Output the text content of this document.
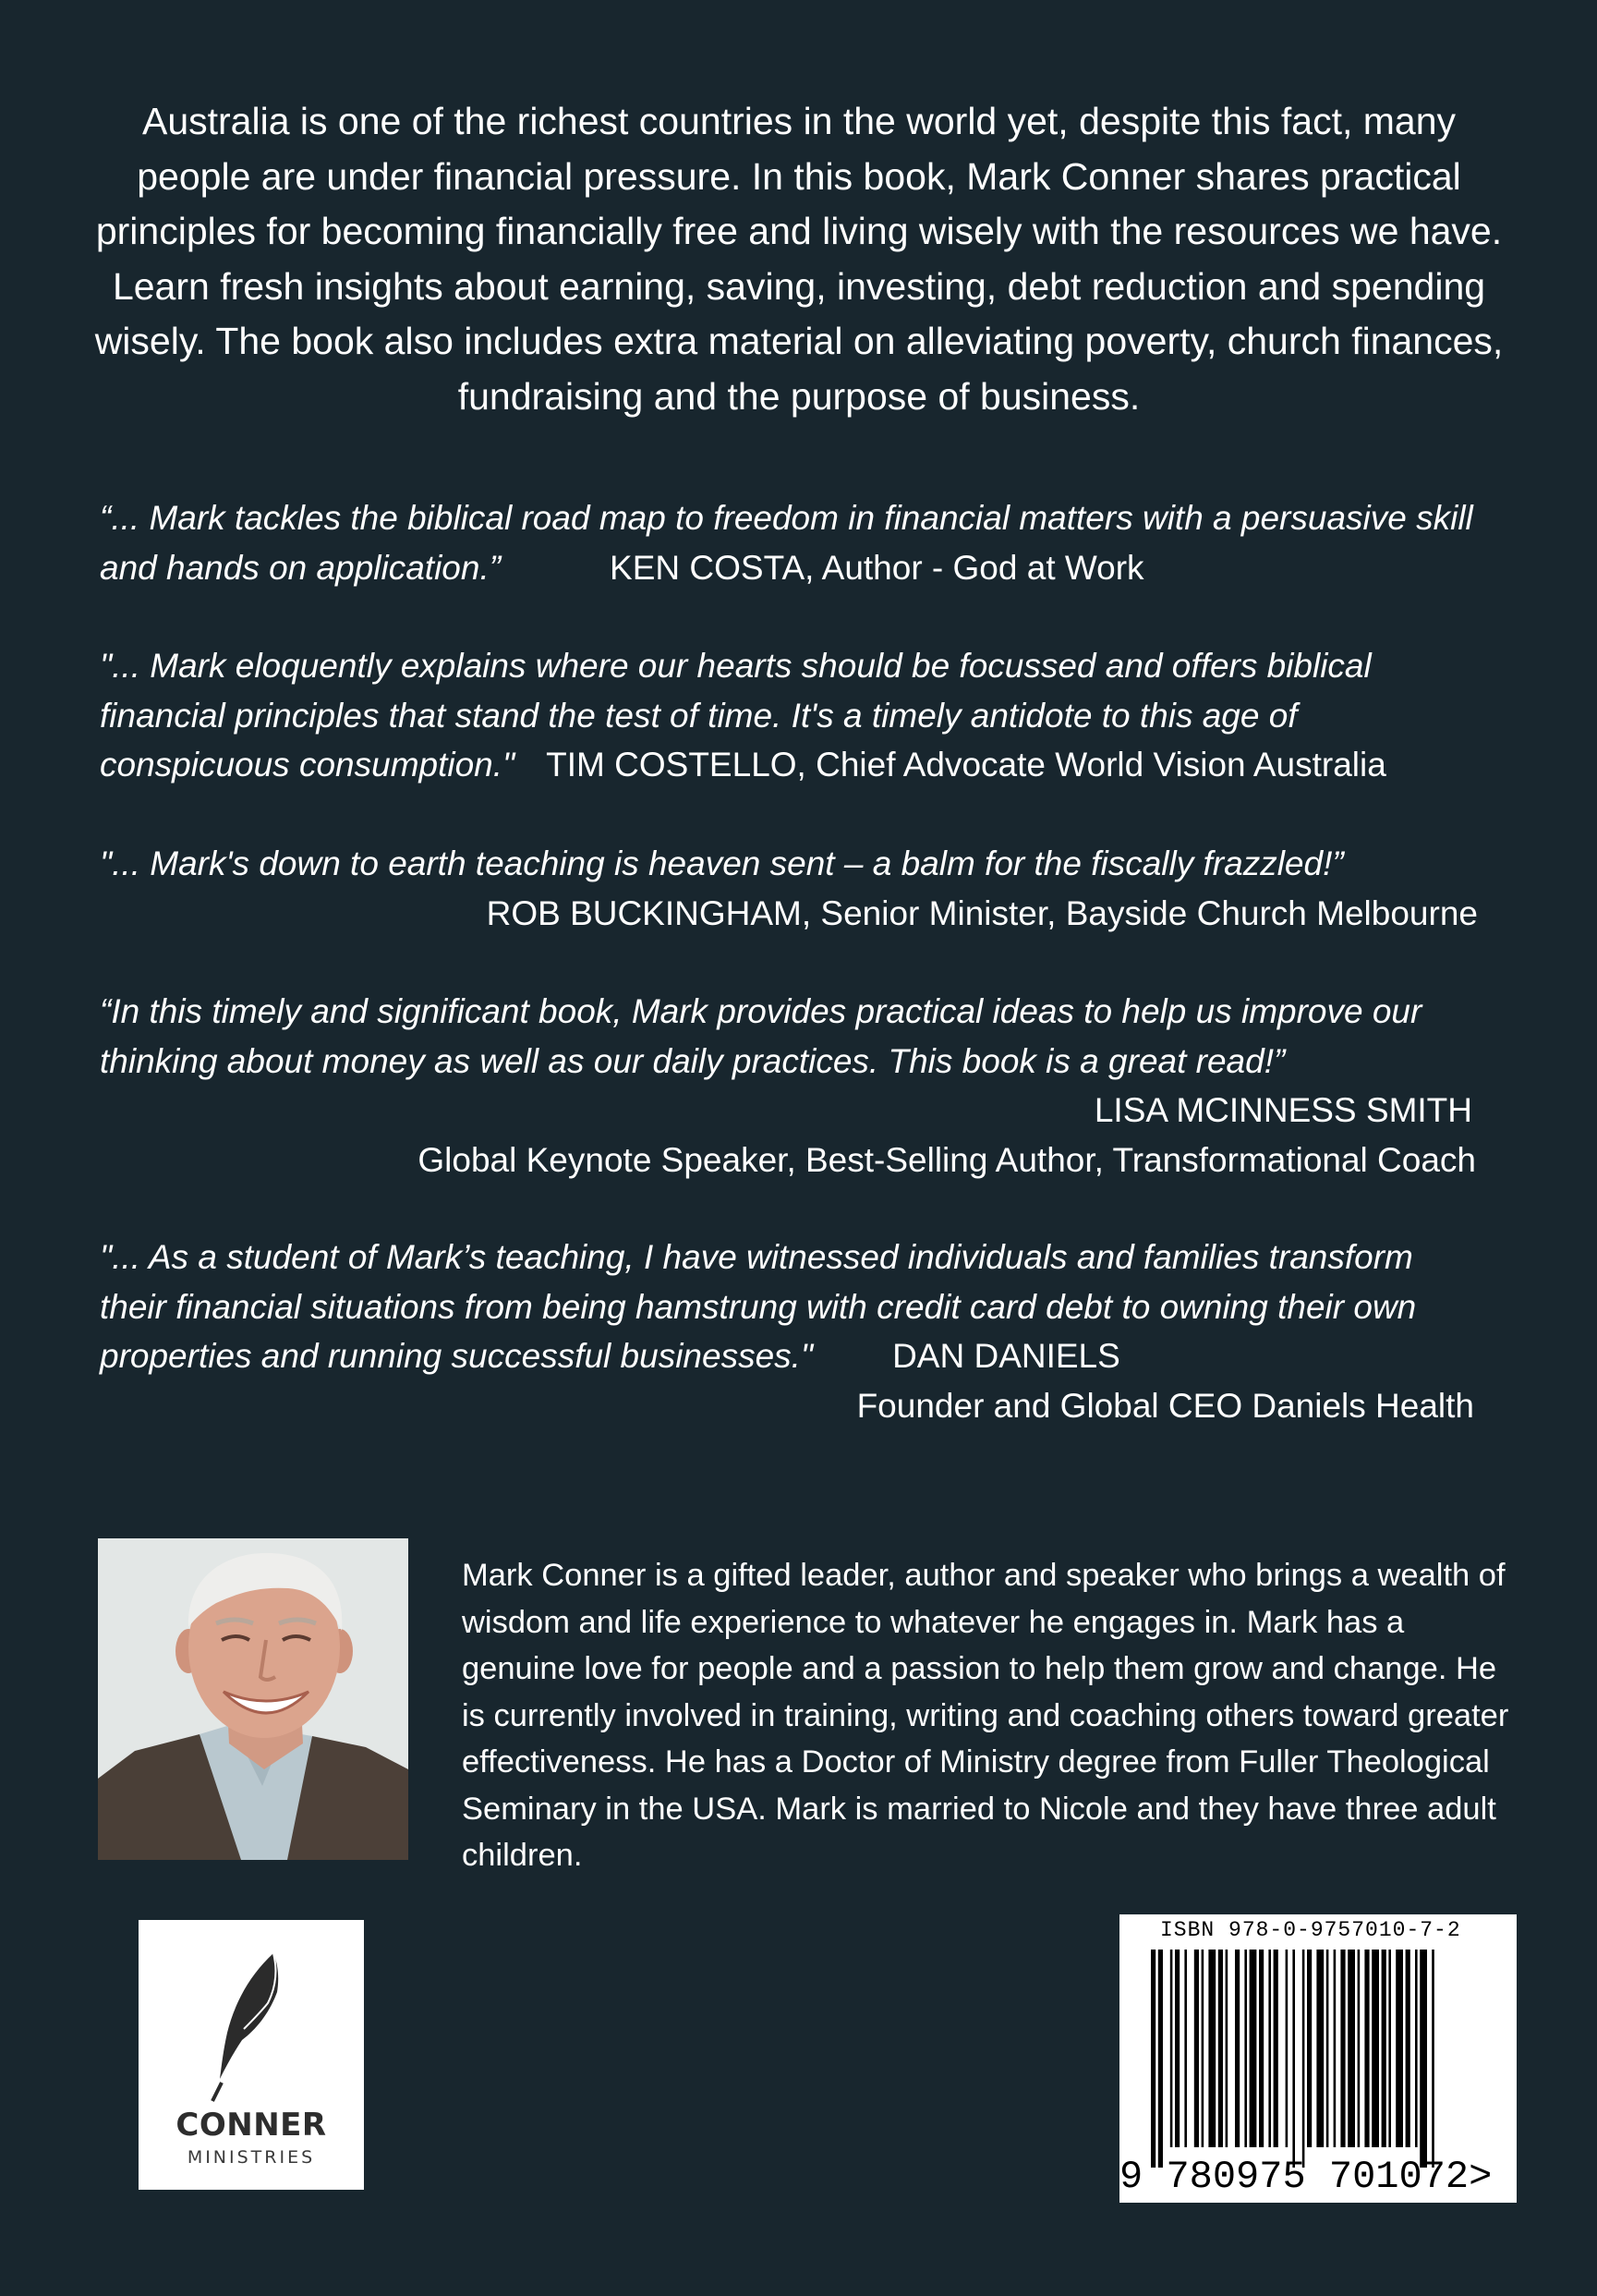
Australia is one of the richest countries in the world yet, despite this fact, many people are under financial pressure. In this book, Mark Conner shares practical principles for becoming financially free and living wisely with the resources we have. Learn fresh insights about earning, saving, investing, debt reduction and spending wisely. The book also includes extra material on alleviating poverty, church finances, fundraising and the purpose of business.

“... Mark tackles the biblical road map to freedom in financial matters with a persuasive skill and hands on application.”	KEN COSTA, Author - God at Work

"... Mark eloquently explains where our hearts should be focussed and offers biblical financial principles that stand the test of time. It's a timely antidote to this age of conspicuous consumption." TIM COSTELLO, Chief Advocate World Vision Australia

"... Mark's down to earth teaching is heaven sent – a balm for the fiscally frazzled!”
ROB BUCKINGHAM, Senior Minister, Bayside Church Melbourne

“In this timely and significant book, Mark provides practical ideas to help us improve our thinking about money as well as our daily practices. This book is a great read!”
LISA MCINNESS SMITH
Global Keynote Speaker, Best-Selling Author, Transformational Coach

"... As a student of Mark’s teaching, I have witnessed individuals and families transform their financial situations from being hamstrung with credit card debt to owning their own properties and running successful businesses." DAN DANIELS
Founder and Global CEO Daniels Health

Mark Conner is a gifted leader, author and speaker who brings a wealth of wisdom and life experience to whatever he engages in. Mark has a genuine love for people and a passion to help them grow and change. He is currently involved in training, writing and coaching others toward greater effectiveness. He has a Doctor of Ministry degree from Fuller Theological Seminary in the USA. Mark is married to Nicole and they have three adult children.

CONNER
MINISTRIES
ISBN 978-0-9757010-7-2
9 780975 701072>
